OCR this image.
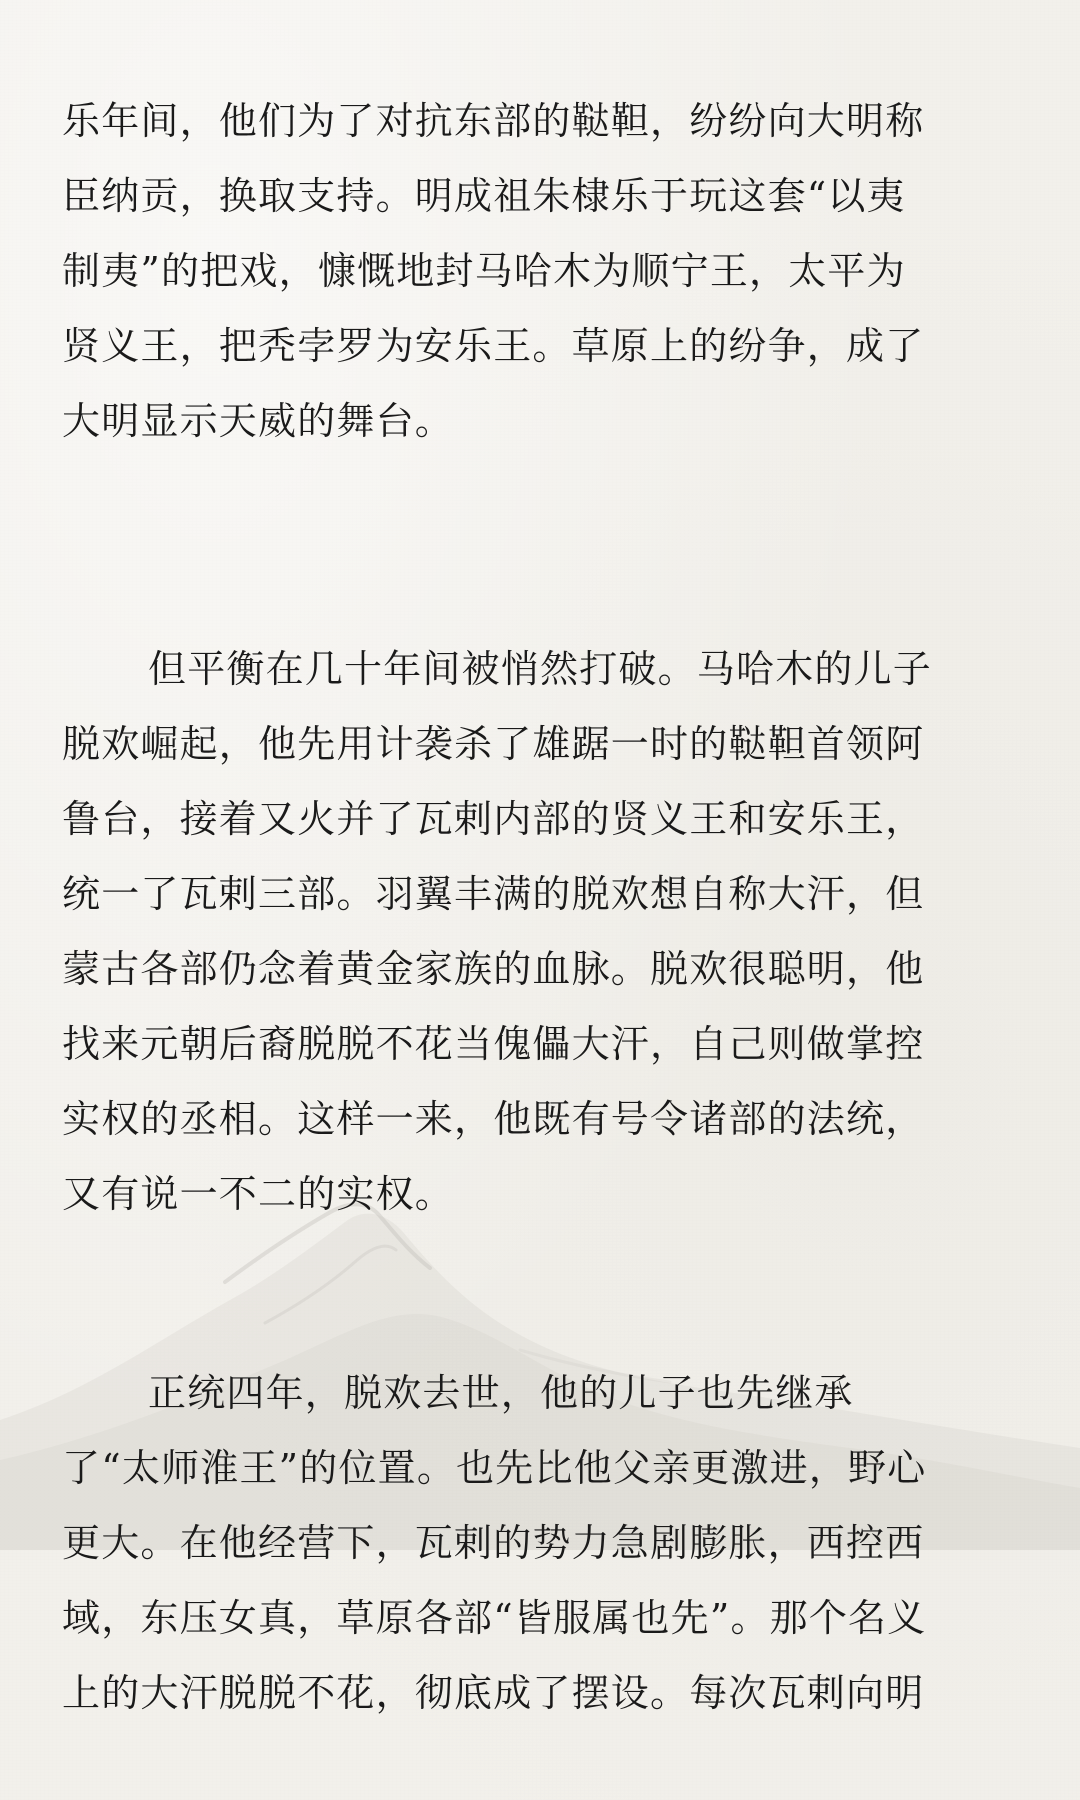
乐年间，他们为了对抗东部的鞑靼，纷纷向大明称
臣纳贡，换取支持。明成祖朱棣乐于玩这套“以夷
制夷”的把戏，慷慨地封马哈木为顺宁王，太平为
贤义王，把秃孛罗为安乐王。草原上的纷争，成了
大明显示天威的舞台。

但平衡在几十年间被悄然打破。马哈木的儿子
脱欢崛起，他先用计袭杀了雄踞一时的鞑靼首领阿
鲁台，接着又火并了瓦剌内部的贤义王和安乐王，
统一了瓦剌三部。羽翼丰满的脱欢想自称大汗，但
蒙古各部仍念着黄金家族的血脉。脱欢很聪明，他
找来元朝后裔脱脱不花当傀儡大汗，自己则做掌控
实权的丞相。这样一来，他既有号令诸部的法统，
又有说一不二的实权。

正统四年，脱欢去世，他的儿子也先继承
了“太师淮王”的位置。也先比他父亲更激进，野心
更大。在他经营下，瓦剌的势力急剧膨胀，西控西
域，东压女真，草原各部“皆服属也先”。那个名义
上的大汗脱脱不花，彻底成了摆设。每次瓦剌向明
